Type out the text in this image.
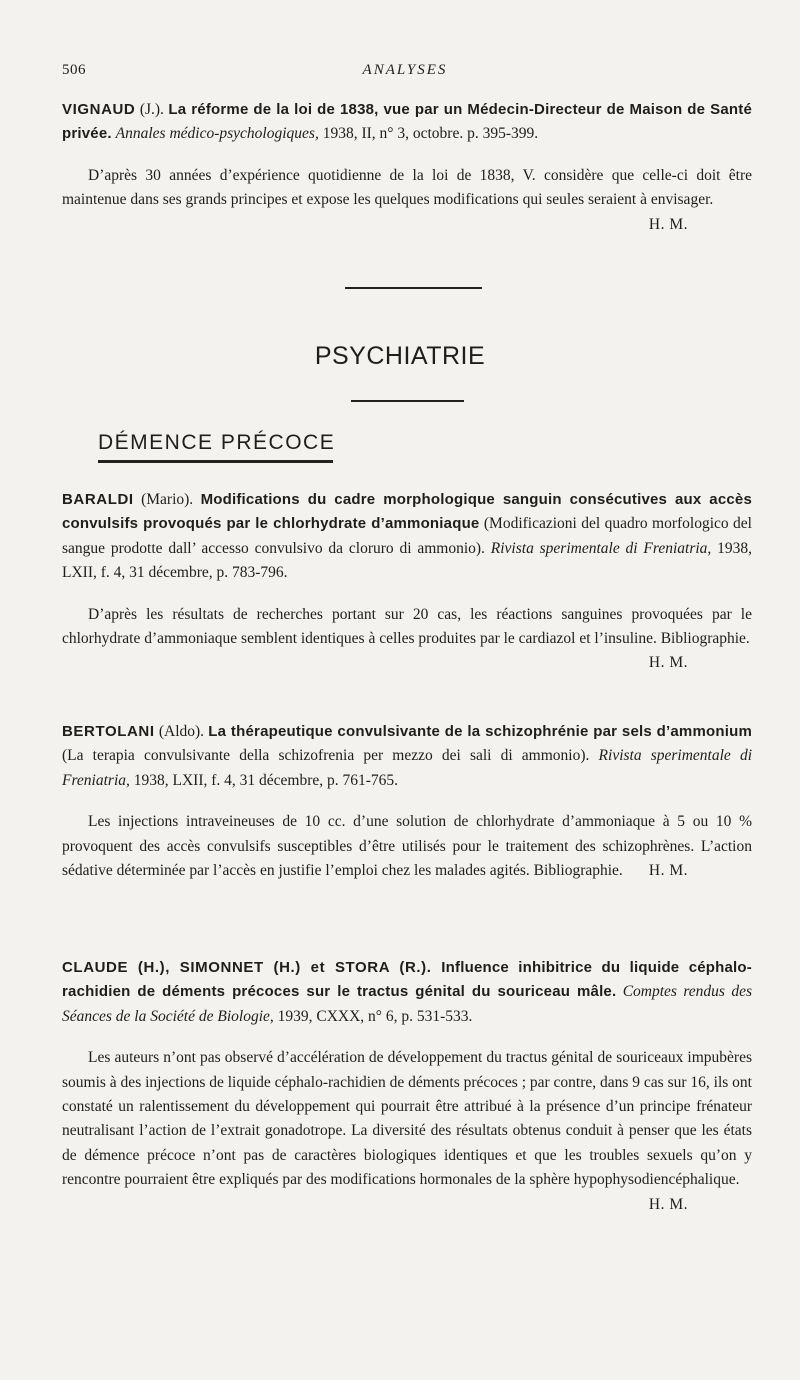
506	ANALYSES

VIGNAUD (J.). La réforme de la loi de 1838, vue par un Médecin-Directeur de Maison de Santé privée. Annales médico-psychologiques, 1938, II, n° 3, octobre. p. 395-399.

D’après 30 années d’expérience quotidienne de la loi de 1838, V. considère que celle-ci doit être maintenue dans ses grands principes et expose les quelques modifications qui seules seraient à envisager.
H. M.

PSYCHIATRIE
DÉMENCE PRÉCOCE

BARALDI (Mario). Modifications du cadre morphologique sanguin consécutives aux accès convulsifs provoqués par le chlorhydrate d’ammoniaque (Modificazioni del quadro morfologico del sangue prodotte dall’ accesso convulsivo da cloruro di ammonio). Rivista sperimentale di Freniatria, 1938, LXII, f. 4, 31 décembre, p. 783-796.

D’après les résultats de recherches portant sur 20 cas, les réactions sanguines provoquées par le chlorhydrate d’ammoniaque semblent identiques à celles produites par le cardiazol et l’insuline. Bibliographie.
H. M.

BERTOLANI (Aldo). La thérapeutique convulsivante de la schizophrénie par sels d’ammonium (La terapia convulsivante della schizofrenia per mezzo dei sali di ammonio). Rivista sperimentale di Freniatria, 1938, LXII, f. 4, 31 décembre, p. 761-765.

Les injections intraveineuses de 10 cc. d’une solution de chlorhydrate d’ammoniaque à 5 ou 10 % provoquent des accès convulsifs susceptibles d’être utilisés pour le traitement des schizophrènes. L’action sédative déterminée par l’accès en justifie l’emploi chez les malades agités. Bibliographie.	H. M.

CLAUDE (H.), SIMONNET (H.) et STORA (R.). Influence inhibitrice du liquide céphalo-rachidien de déments précoces sur le tractus génital du souriceau mâle. Comptes rendus des Séances de la Société de Biologie, 1939, CXXX, n° 6, p. 531-533.

Les auteurs n’ont pas observé d’accélération de développement du tractus génital de souriceaux impubères soumis à des injections de liquide céphalo-rachidien de déments précoces ; par contre, dans 9 cas sur 16, ils ont constaté un ralentissement du développement qui pourrait être attribué à la présence d’un principe frénateur neutralisant l’action de l’extrait gonadotrope. La diversité des résultats obtenus conduit à penser que les états de démence précoce n’ont pas de caractères biologiques identiques et que les troubles sexuels qu’on y rencontre pourraient être expliqués par des modifications hormonales de la sphère hypophysodiencéphalique.
H. M.
